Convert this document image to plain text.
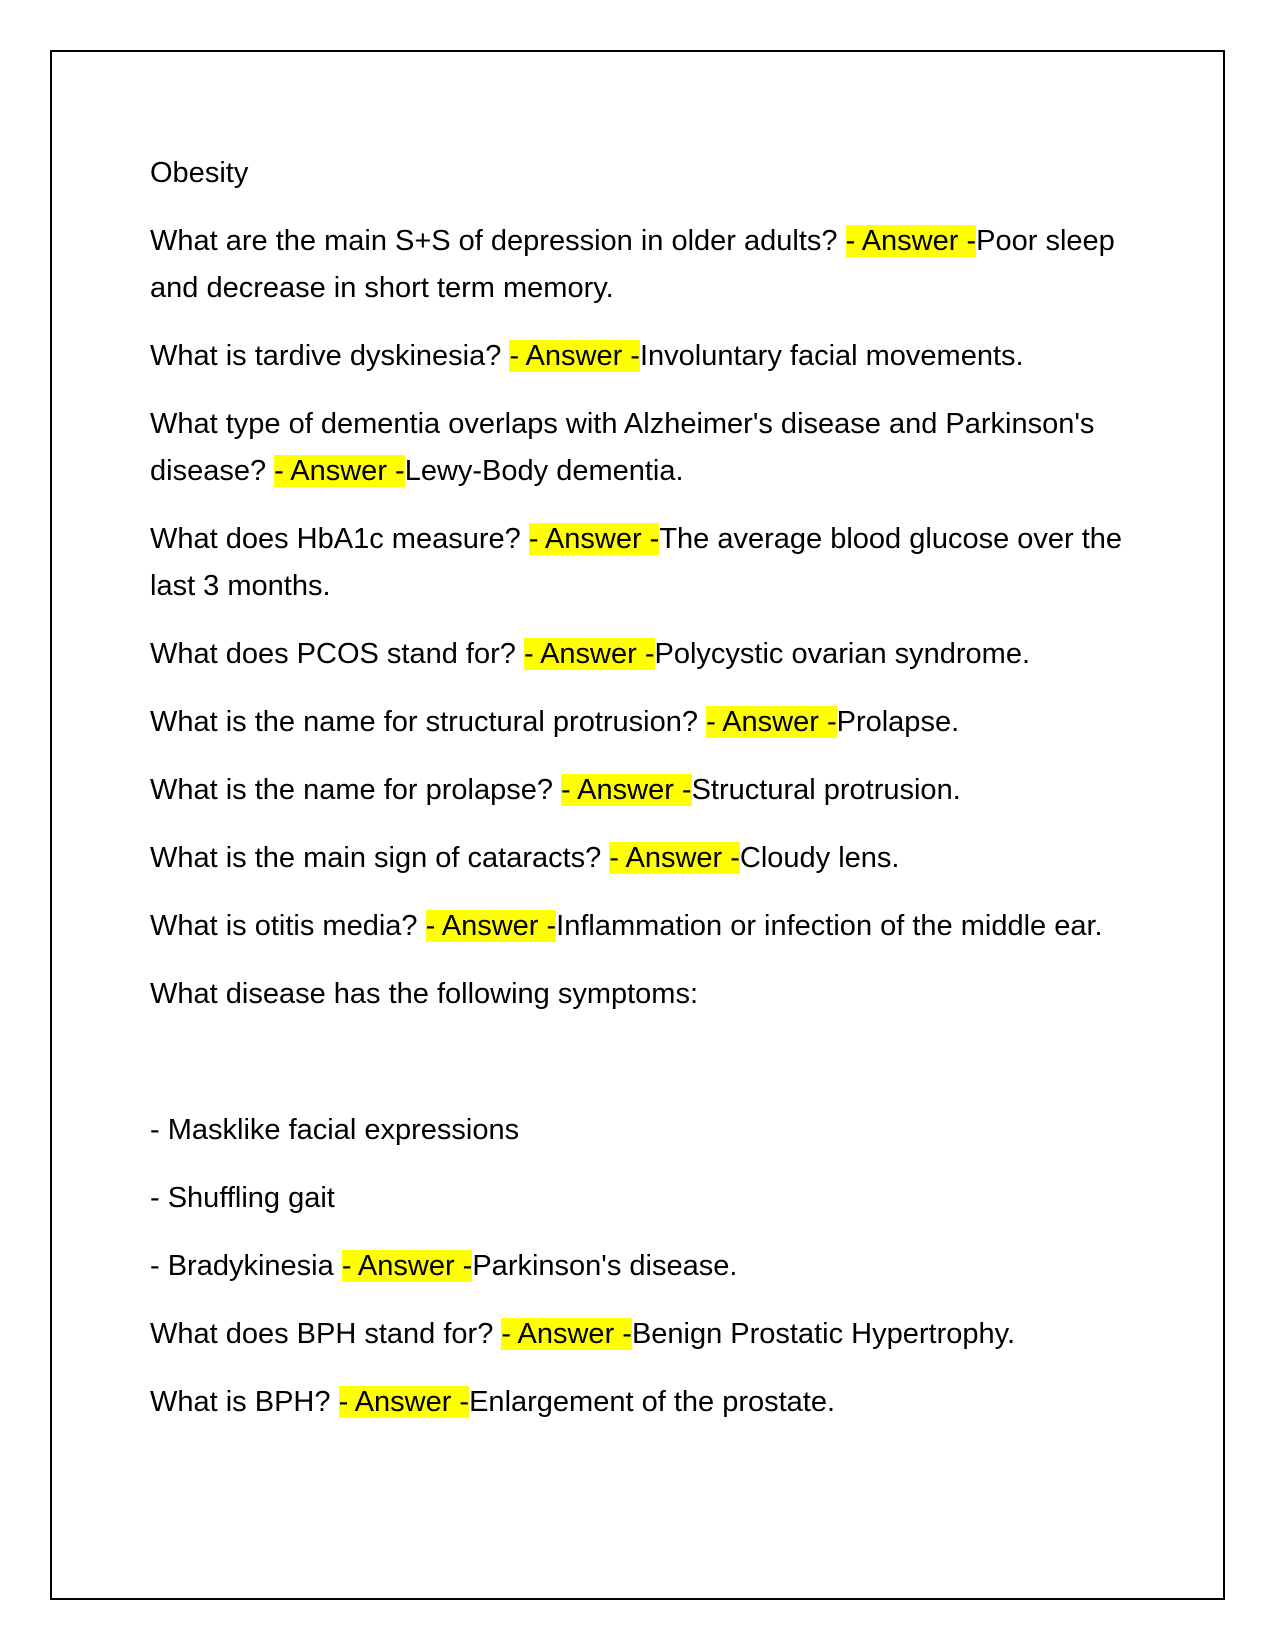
Obesity

What are the main S+S of depression in older adults? - Answer -Poor sleep and decrease in short term memory.

What is tardive dyskinesia? - Answer -Involuntary facial movements.

What type of dementia overlaps with Alzheimer's disease and Parkinson's disease? - Answer -Lewy-Body dementia.

What does HbA1c measure? - Answer -The average blood glucose over the last 3 months.

What does PCOS stand for? - Answer -Polycystic ovarian syndrome.

What is the name for structural protrusion? - Answer -Prolapse.

What is the name for prolapse? - Answer -Structural protrusion.

What is the main sign of cataracts? - Answer -Cloudy lens.

What is otitis media? - Answer -Inflammation or infection of the middle ear.

What disease has the following symptoms:

- Masklike facial expressions

- Shuffling gait

- Bradykinesia - Answer -Parkinson's disease.

What does BPH stand for? - Answer -Benign Prostatic Hypertrophy.

What is BPH? - Answer -Enlargement of the prostate.
